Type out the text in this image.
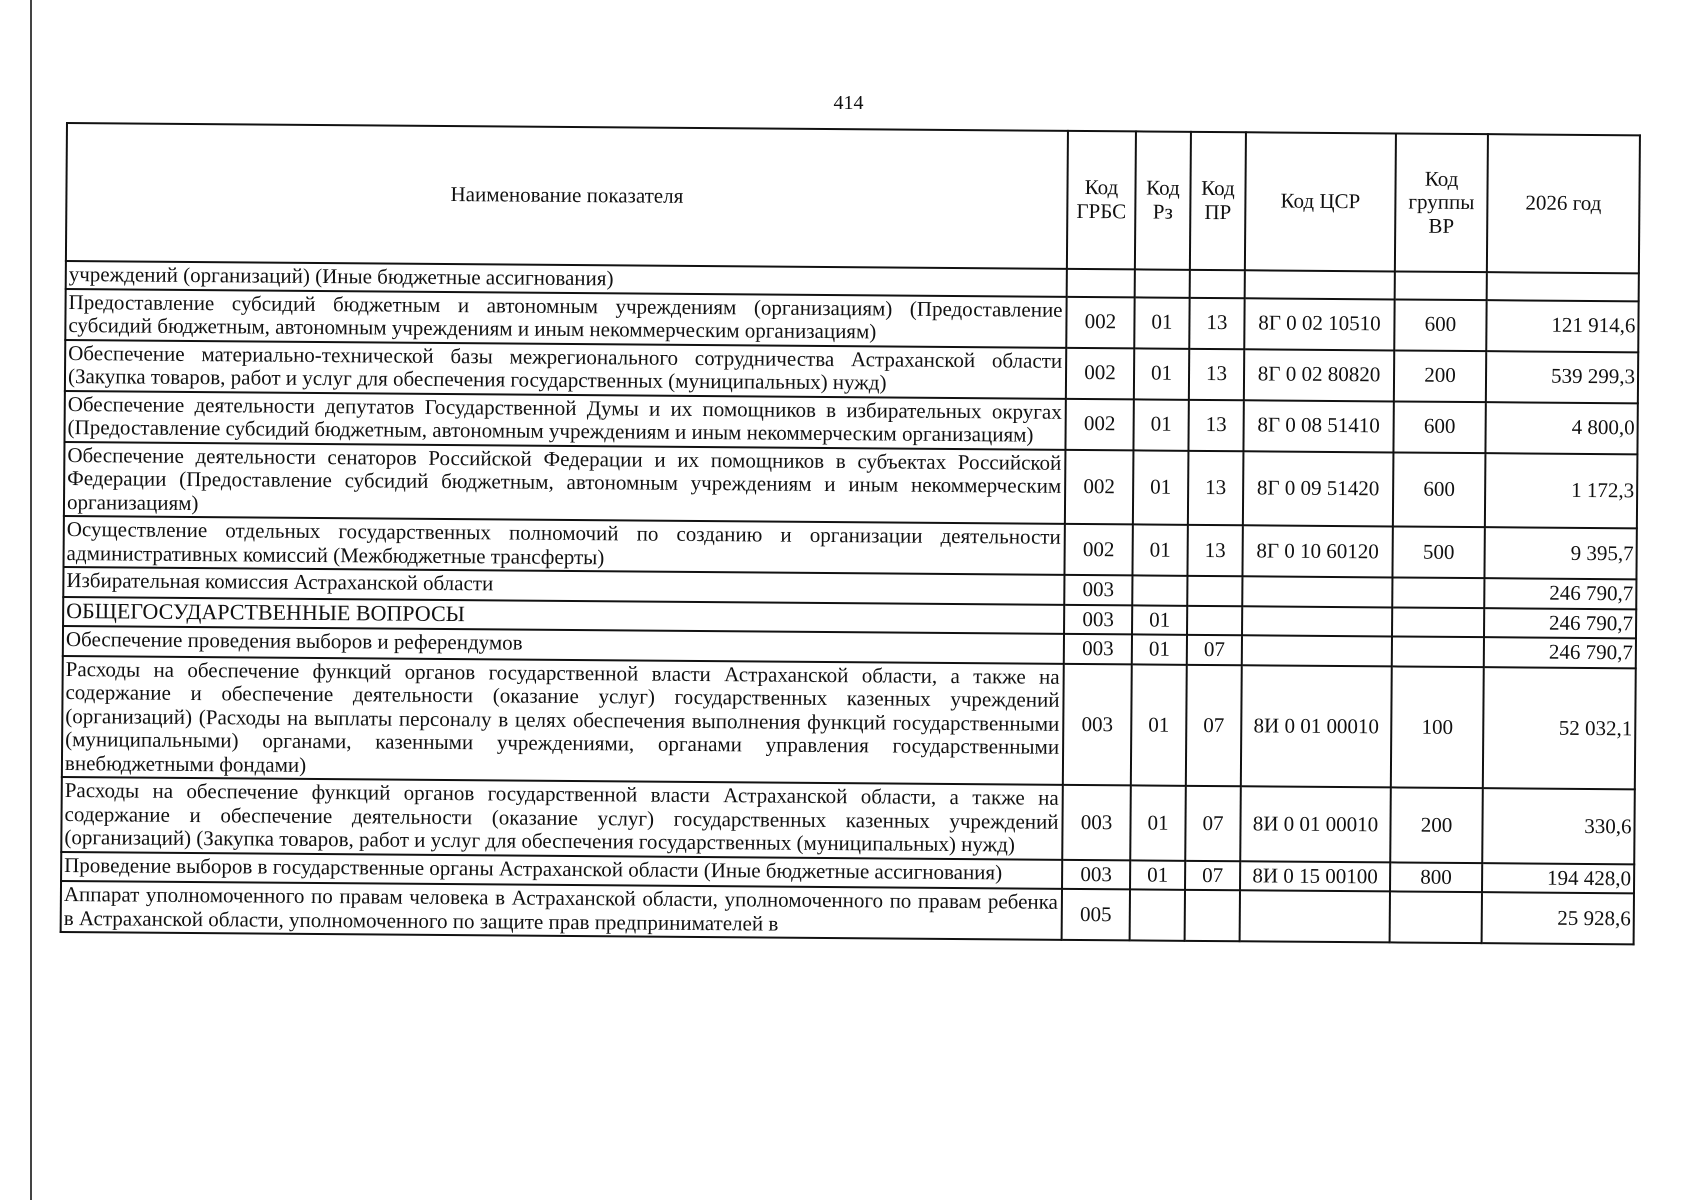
414
Наименование показателя	Код ГРБС	Код Рз	Код ПР	Код ЦСР	Код группы ВР	2026 год
учреждений (организаций) (Иные бюджетные ассигнования)						
Предоставление субсидий бюджетным и автономным учреждениям (организациям) (Предоставление субсидий бюджетным, автономным учреждениям и иным некоммерческим организациям)	002	01	13	8Г 0 02 10510	600	121 914,6
Обеспечение материально-технической базы межрегионального сотрудничества Астраханской области (Закупка товаров, работ и услуг для обеспечения государственных (муниципальных) нужд)	002	01	13	8Г 0 02 80820	200	539 299,3
Обеспечение деятельности депутатов Государственной Думы и их помощников в избирательных округах (Предоставление субсидий бюджетным, автономным учреждениям и иным некоммерческим организациям)	002	01	13	8Г 0 08 51410	600	4 800,0
Обеспечение деятельности сенаторов Российской Федерации и их помощников в субъектах Российской Федерации (Предоставление субсидий бюджетным, автономным учреждениям и иным некоммерческим организациям)	002	01	13	8Г 0 09 51420	600	1 172,3
Осуществление отдельных государственных полномочий по созданию и организации деятельности административных комиссий (Межбюджетные трансферты)	002	01	13	8Г 0 10 60120	500	9 395,7
Избирательная комиссия Астраханской области	003					246 790,7
ОБЩЕГОСУДАРСТВЕННЫЕ ВОПРОСЫ	003	01				246 790,7
Обеспечение проведения выборов и референдумов	003	01	07			246 790,7
Расходы на обеспечение функций органов государственной власти Астраханской области, а также на содержание и обеспечение деятельности (оказание услуг) государственных казенных учреждений (организаций) (Расходы на выплаты персоналу в целях обеспечения выполнения функций государственными (муниципальными) органами, казенными учреждениями, органами управления государственными внебюджетными фондами)	003	01	07	8И 0 01 00010	100	52 032,1
Расходы на обеспечение функций органов государственной власти Астраханской области, а также на содержание и обеспечение деятельности (оказание услуг) государственных казенных учреждений (организаций) (Закупка товаров, работ и услуг для обеспечения государственных (муниципальных) нужд)	003	01	07	8И 0 01 00010	200	330,6
Проведение выборов в государственные органы Астраханской области (Иные бюджетные ассигнования)	003	01	07	8И 0 15 00100	800	194 428,0
Аппарат уполномоченного по правам человека в Астраханской области, уполномоченного по правам ребенка в Астраханской области, уполномоченного по защите прав предпринимателей в	005					25 928,6
